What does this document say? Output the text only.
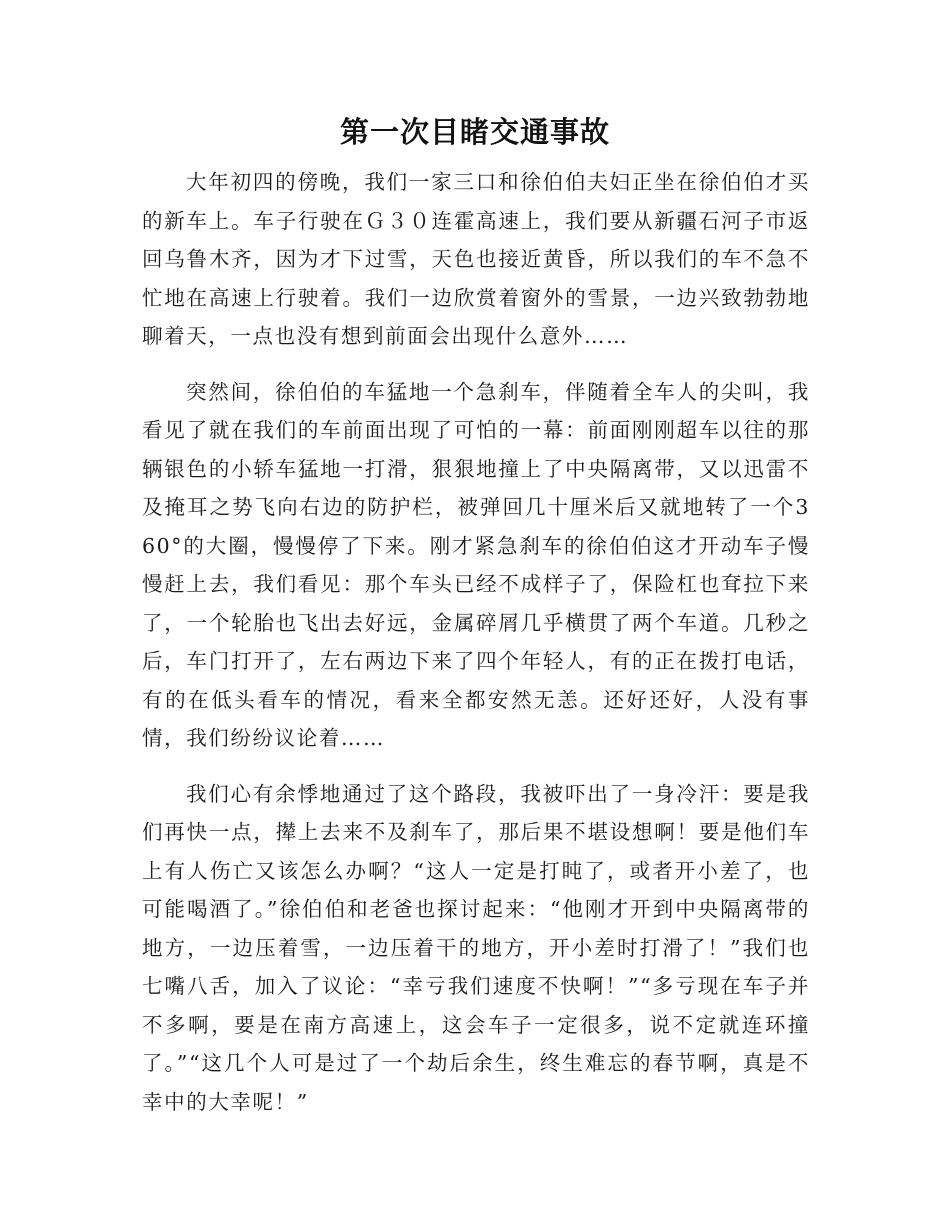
第一次目睹交通事故

大年初四的傍晚，我们一家三口和徐伯伯夫妇正坐在徐伯伯才买的新车上。车子行驶在Ｇ３０连霍高速上，我们要从新疆石河子市返回乌鲁木齐，因为才下过雪，天色也接近黄昏，所以我们的车不急不忙地在高速上行驶着。我们一边欣赏着窗外的雪景，一边兴致勃勃地聊着天，一点也没有想到前面会出现什么意外……

突然间，徐伯伯的车猛地一个急刹车，伴随着全车人的尖叫，我看见了就在我们的车前面出现了可怕的一幕：前面刚刚超车以往的那辆银色的小轿车猛地一打滑，狠狠地撞上了中央隔离带，又以迅雷不及掩耳之势飞向右边的防护栏，被弹回几十厘米后又就地转了一个360°的大圈，慢慢停了下来。刚才紧急刹车的徐伯伯这才开动车子慢慢赶上去，我们看见：那个车头已经不成样子了，保险杠也耷拉下来了，一个轮胎也飞出去好远，金属碎屑几乎横贯了两个车道。几秒之后，车门打开了，左右两边下来了四个年轻人，有的正在拨打电话，有的在低头看车的情况，看来全都安然无恙。还好还好，人没有事情，我们纷纷议论着……

我们心有余悸地通过了这个路段，我被吓出了一身冷汗：要是我们再快一点，撵上去来不及刹车了，那后果不堪设想啊！要是他们车上有人伤亡又该怎么办啊？“这人一定是打盹了，或者开小差了，也可能喝酒了。”徐伯伯和老爸也探讨起来：“他刚才开到中央隔离带的地方，一边压着雪，一边压着干的地方，开小差时打滑了！”我们也七嘴八舌，加入了议论：“幸亏我们速度不快啊！”“多亏现在车子并不多啊，要是在南方高速上，这会车子一定很多，说不定就连环撞了。”“这几个人可是过了一个劫后余生，终生难忘的春节啊，真是不幸中的大幸呢！”
